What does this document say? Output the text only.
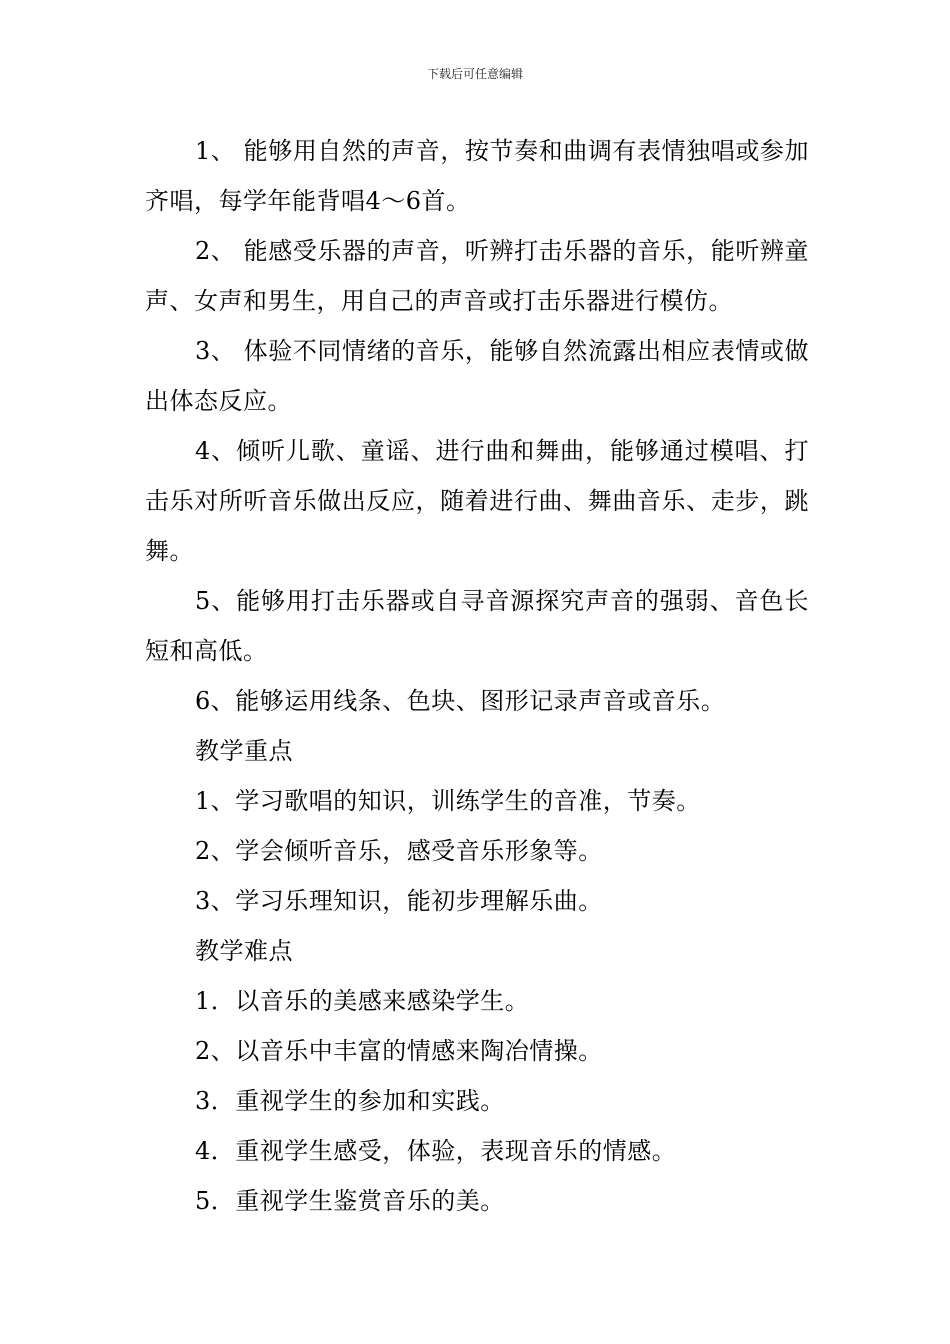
下载后可任意编辑

1、 能够用自然的声音，按节奏和曲调有表情独唱或参加齐唱，每学年能背唱4～6首。

2、 能感受乐器的声音，听辨打击乐器的音乐，能听辨童声、女声和男生，用自己的声音或打击乐器进行模仿。

3、 体验不同情绪的音乐，能够自然流露出相应表情或做出体态反应。

4、倾听儿歌、童谣、进行曲和舞曲，能够通过模唱、打击乐对所听音乐做出反应，随着进行曲、舞曲音乐、走步，跳舞。

5、能够用打击乐器或自寻音源探究声音的强弱、音色长短和高低。

6、能够运用线条、色块、图形记录声音或音乐。

教学重点

1、学习歌唱的知识，训练学生的音准，节奏。

2、学会倾听音乐，感受音乐形象等。

3、学习乐理知识，能初步理解乐曲。

教学难点

1．以音乐的美感来感染学生。

2、以音乐中丰富的情感来陶冶情操。

3．重视学生的参加和实践。

4．重视学生感受，体验，表现音乐的情感。

5．重视学生鉴赏音乐的美。
